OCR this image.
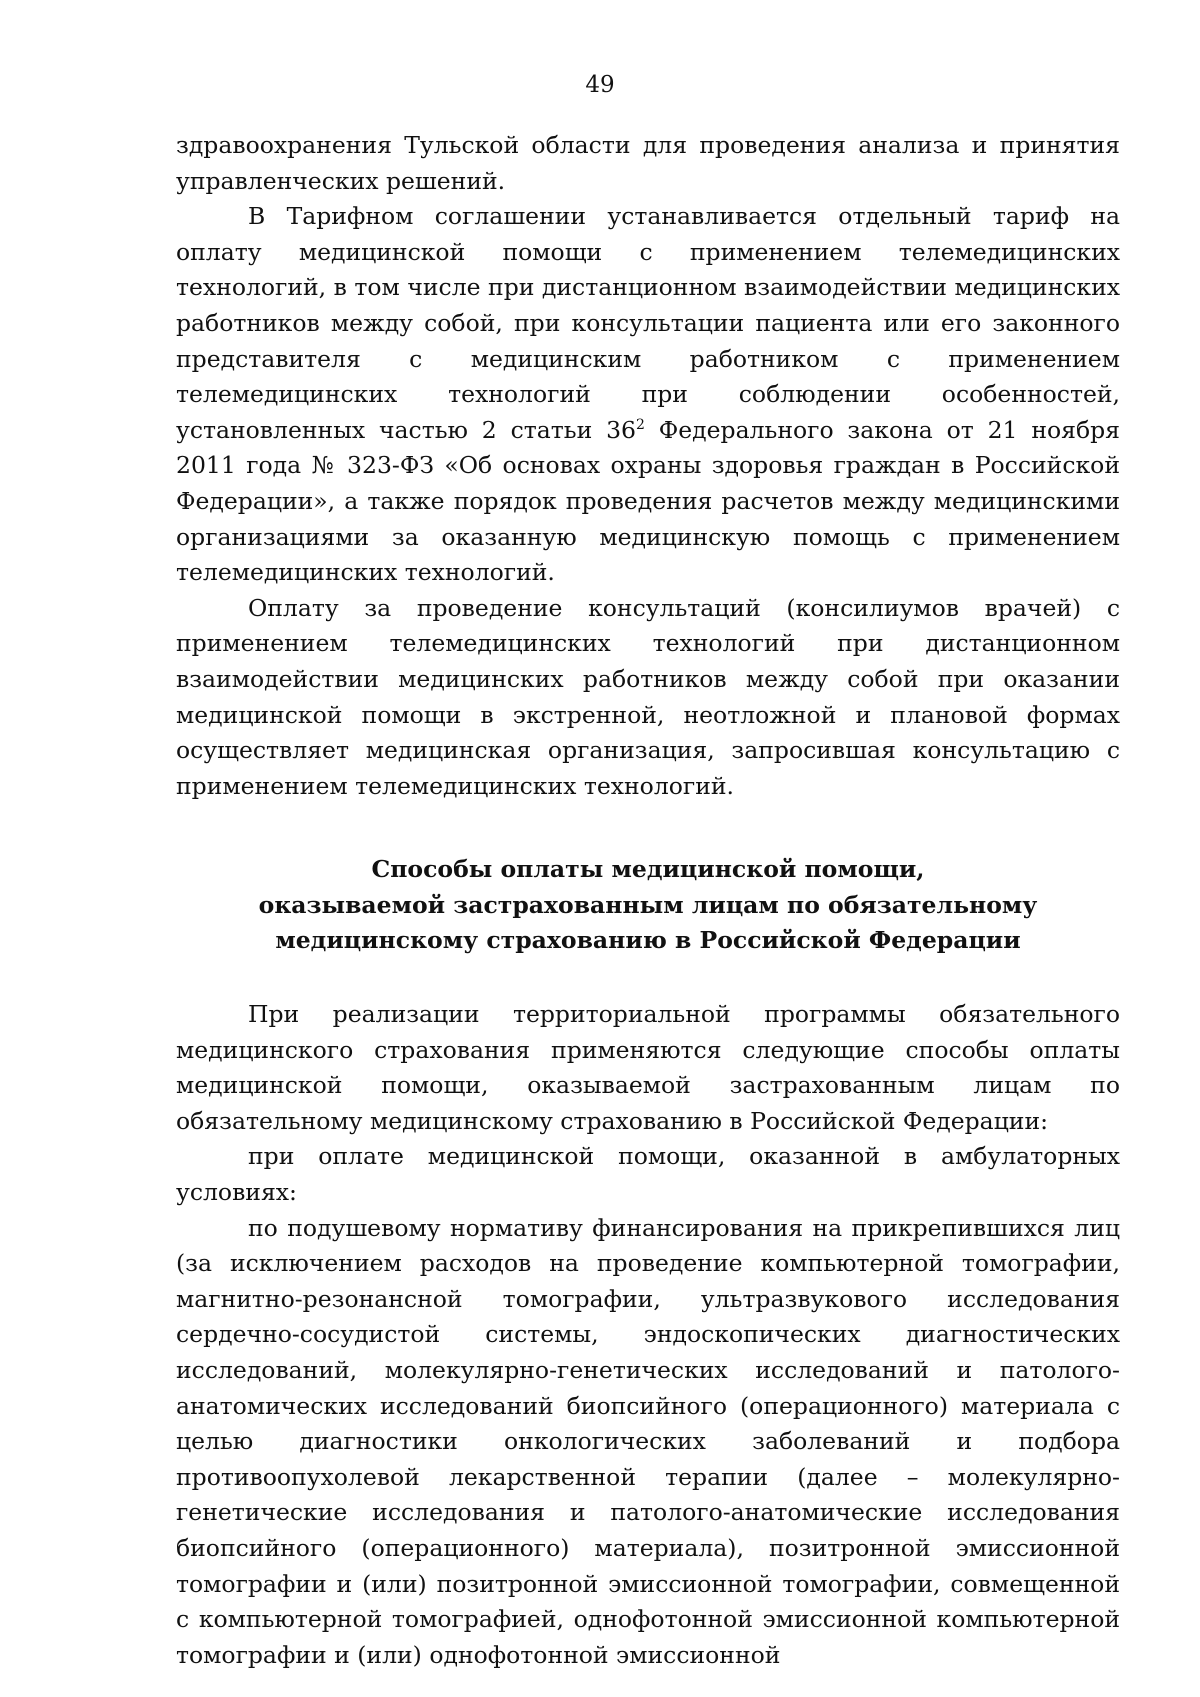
49

здравоохранения Тульской области для проведения анализа и принятия управленческих решений.

В Тарифном соглашении устанавливается отдельный тариф на оплату медицинской помощи с применением телемедицинских технологий, в том числе при дистанционном взаимодействии медицинских работников между собой, при консультации пациента или его законного представителя с медицинским работником с применением телемедицинских технологий при соблюдении особенностей, установленных частью 2 статьи $36^2$ Федерального закона от 21 ноября 2011 года № 323-ФЗ «Об основах охраны здоровья граждан в Российской Федерации», а также порядок проведения расчетов между медицинскими организациями за оказанную медицинскую помощь с применением телемедицинских технологий.

Оплату за проведение консультаций (консилиумов врачей) с применением телемедицинских технологий при дистанционном взаимодействии медицинских работников между собой при оказании медицинской помощи в экстренной, неотложной и плановой формах осуществляет медицинская организация, запросившая консультацию с применением телемедицинских технологий.

Способы оплаты медицинской помощи,
оказываемой застрахованным лицам по обязательному
медицинскому страхованию в Российской Федерации

При реализации территориальной программы обязательного медицинского страхования применяются следующие способы оплаты медицинской помощи, оказываемой застрахованным лицам по обязательному медицинскому страхованию в Российской Федерации:

при оплате медицинской помощи, оказанной в амбулаторных условиях:

по подушевому нормативу финансирования на прикрепившихся лиц (за исключением расходов на проведение компьютерной томографии, магнитно-резонансной томографии, ультразвукового исследования сердечно-сосудистой системы, эндоскопических диагностических исследований, молекулярно-генетических исследований и патолого-анатомических исследований биопсийного (операционного) материала с целью диагностики онкологических заболеваний и подбора противоопухолевой лекарственной терапии (далее – молекулярно-генетические исследования и патолого-анатомические исследования биопсийного (операционного) материала), позитронной эмиссионной томографии и (или) позитронной эмиссионной томографии, совмещенной с компьютерной томографией, однофотонной эмиссионной компьютерной томографии и (или) однофотонной эмиссионной
